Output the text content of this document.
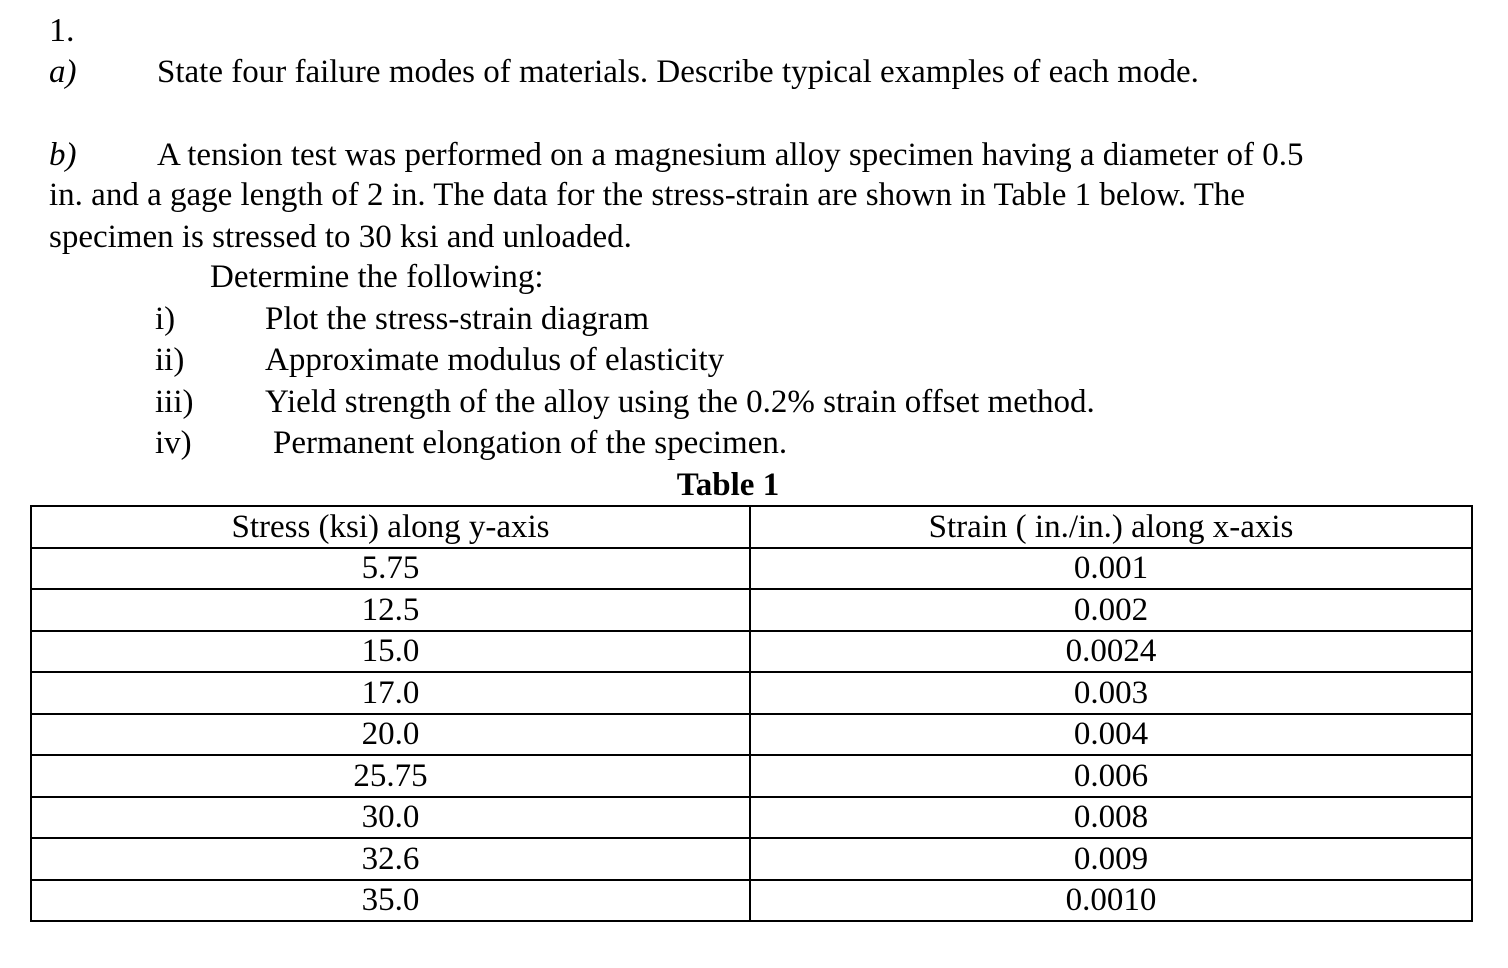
1.
a) State four failure modes of materials. Describe typical examples of each mode.
b) A tension test was performed on a magnesium alloy specimen having a diameter of 0.5
in. and a gage length of 2 in. The data for the stress-strain are shown in Table 1 below. The
specimen is stressed to 30 ksi and unloaded.
Determine the following:
i)	Plot the stress-strain diagram
ii) Approximate modulus of elasticity
iii) Yield strength of the alloy using the 0.2% strain offset method.
iv) Permanent elongation of the specimen.
Table 1
Stress (ksi) along y-axis	Strain ( in./in.) along x-axis
5.75	0.001
12.5	0.002
15.0	0.0024
17.0	0.003
20.0	0.004
25.75	0.006
30.0	0.008
32.6	0.009
35.0	0.0010
